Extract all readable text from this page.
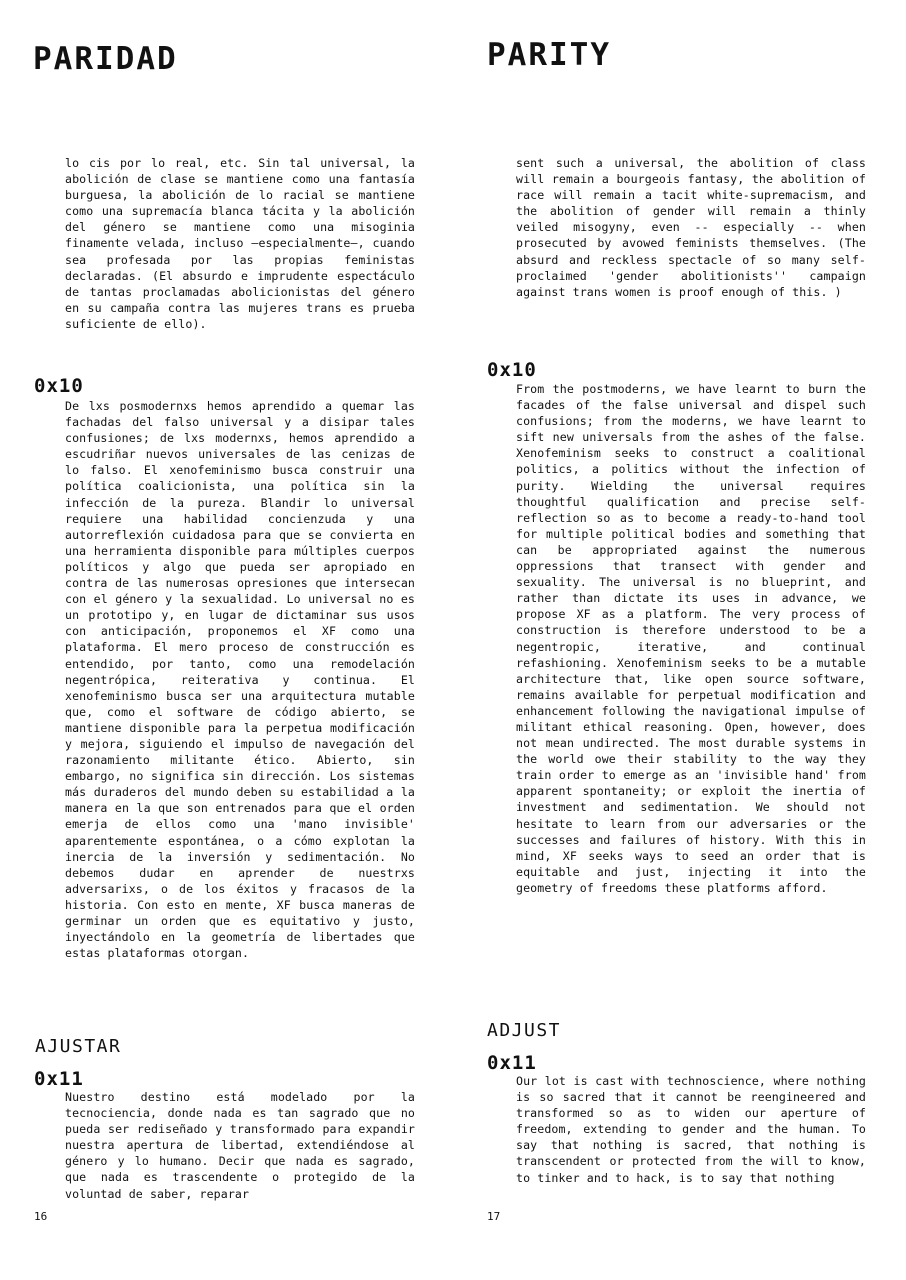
PARIDAD

lo cis por lo real, etc. Sin tal universal, la abolición de clase se mantiene como una fantasía burguesa, la abolición de lo racial se mantiene como una supremacía blanca tácita y la abolición del género se mantiene como una misoginia finamente velada, incluso —especialmente—, cuando sea profesada por las propias feministas declaradas. (El absurdo e imprudente espectáculo de tantas proclamadas abolicionistas del género en su campaña contra las mujeres trans es prueba suficiente de ello).

0x10

De lxs posmodernxs hemos aprendido a quemar las fachadas del falso universal y a disipar tales confusiones; de lxs modernxs, hemos aprendido a escudriñar nuevos universales de las cenizas de lo falso. El xenofeminismo busca construir una política coalicionista, una política sin la infección de la pureza. Blandir lo universal requiere una habilidad concienzuda y una autorreflexión cuidadosa para que se convierta en una herramienta disponible para múltiples cuerpos políticos y algo que pueda ser apropiado en contra de las numerosas opresiones que intersecan con el género y la sexualidad. Lo universal no es un prototipo y, en lugar de dictaminar sus usos con anticipación, proponemos el XF como una plataforma. El mero proceso de construcción es entendido, por tanto, como una remodelación negentrópica, reiterativa y continua. El xenofeminismo busca ser una arquitectura mutable que, como el software de código abierto, se mantiene disponible para la perpetua modificación y mejora, siguiendo el impulso de navegación del razonamiento militante ético. Abierto, sin embargo, no significa sin dirección. Los sistemas más duraderos del mundo deben su estabilidad a la manera en la que son entrenados para que el orden emerja de ellos como una 'mano invisible' aparentemente espontánea, o a cómo explotan la inercia de la inversión y sedimentación. No debemos dudar en aprender de nuestrxs adversarixs, o de los éxitos y fracasos de la historia. Con esto en mente, XF busca maneras de germinar un orden que es equitativo y justo, inyectándolo en la geometría de libertades que estas plataformas otorgan.

AJUSTAR
0x11

Nuestro destino está modelado por la tecnociencia, donde nada es tan sagrado que no pueda ser rediseñado y transformado para expandir nuestra apertura de libertad, extendiéndose al género y lo humano. Decir que nada es sagrado, que nada es trascendente o protegido de la voluntad de saber, reparar

16
PARITY

sent such a universal, the abolition of class will remain a bourgeois fantasy, the abolition of race will remain a tacit white-supremacism, and the abolition of gender will remain a thinly veiled misogyny, even -- especially -- when prosecuted by avowed feminists themselves. (The absurd and reckless spectacle of so many self-proclaimed 'gender abolitionists'' campaign against trans women is proof enough of this. )

0x10

From the postmoderns, we have learnt to burn the facades of the false universal and dispel such confusions; from the moderns, we have learnt to sift new universals from the ashes of the false. Xenofeminism seeks to construct a coalitional politics, a politics without the infection of purity. Wielding the universal requires thoughtful qualification and precise self-reflection so as to become a ready-to-hand tool for multiple political bodies and something that can be appropriated against the numerous oppressions that transect with gender and sexuality. The universal is no blueprint, and rather than dictate its uses in advance, we propose XF as a platform. The very process of construction is therefore understood to be a negentropic, iterative, and continual refashioning. Xenofeminism seeks to be a mutable architecture that, like open source software, remains available for perpetual modification and enhancement following the navigational impulse of militant ethical reasoning. Open, however, does not mean undirected. The most durable systems in the world owe their stability to the way they train order to emerge as an 'invisible hand' from apparent spontaneity; or exploit the inertia of investment and sedimentation. We should not hesitate to learn from our adversaries or the successes and failures of history. With this in mind, XF seeks ways to seed an order that is equitable and just, injecting it into the geometry of freedoms these platforms afford.

ADJUST
0x11

Our lot is cast with technoscience, where nothing is so sacred that it cannot be reengineered and transformed so as to widen our aperture of freedom, extending to gender and the human. To say that nothing is sacred, that nothing is transcendent or protected from the will to know, to tinker and to hack, is to say that nothing

17
